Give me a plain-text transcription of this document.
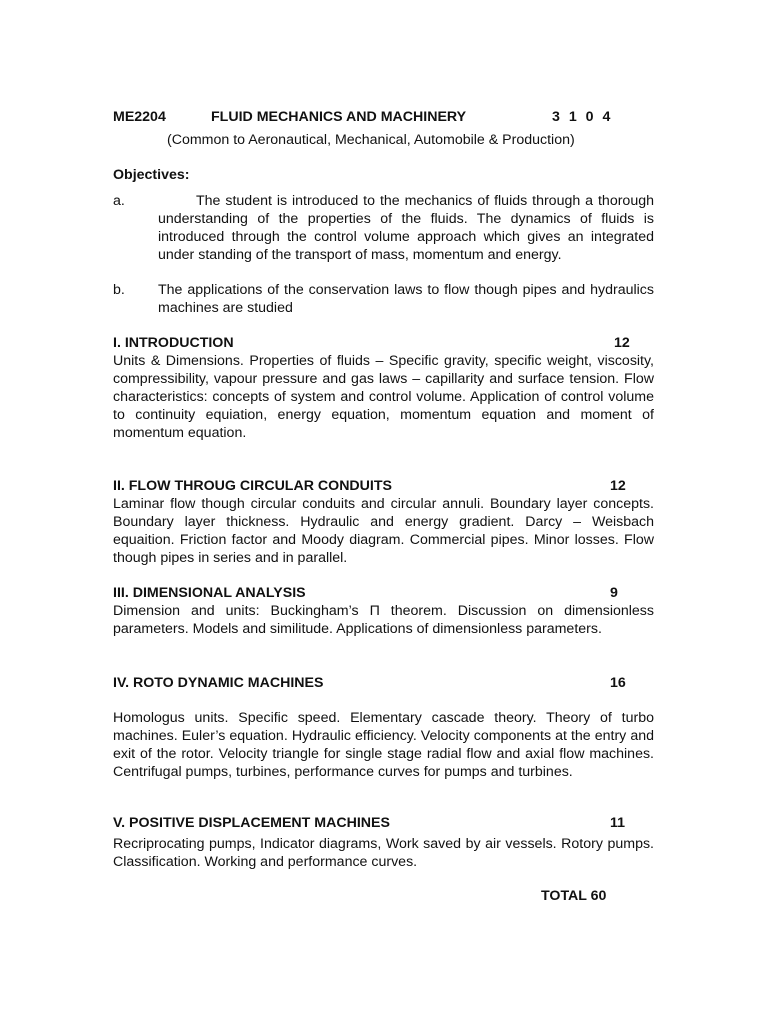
ME2204	FLUID MECHANICS AND MACHINERY	3 1 0 4
(Common to Aeronautical, Mechanical, Automobile & Production)
Objectives:
a.	The student is introduced to the mechanics of fluids through a thorough understanding of the properties of the fluids. The dynamics of fluids is introduced through the control volume approach which gives an integrated under standing of the transport of mass, momentum and energy.
b. The applications of the conservation laws to flow though pipes and hydraulics machines are studied
I. INTRODUCTION	12
Units & Dimensions. Properties of fluids – Specific gravity, specific weight, viscosity, compressibility, vapour pressure and gas laws – capillarity and surface tension. Flow characteristics: concepts of system and control volume. Application of control volume to continuity equiation, energy equation, momentum equation and moment of momentum equation.
II. FLOW THROUG CIRCULAR CONDUITS	12
Laminar flow though circular conduits and circular annuli. Boundary layer concepts. Boundary layer thickness. Hydraulic and energy gradient. Darcy – Weisbach equaition. Friction factor and Moody diagram. Commercial pipes. Minor losses. Flow though pipes in series and in parallel.
III. DIMENSIONAL ANALYSIS	9
Dimension and units: Buckingham’s Π theorem. Discussion on dimensionless parameters. Models and similitude. Applications of dimensionless parameters.
IV. ROTO DYNAMIC MACHINES	16
Homologus units. Specific speed. Elementary cascade theory. Theory of turbo machines. Euler’s equation. Hydraulic efficiency. Velocity components at the entry and exit of the rotor. Velocity triangle for single stage radial flow and axial flow machines. Centrifugal pumps, turbines, performance curves for pumps and turbines.
V. POSITIVE DISPLACEMENT MACHINES	11
Recriprocating pumps, Indicator diagrams, Work saved by air vessels. Rotory pumps. Classification. Working and performance curves.
TOTAL 60
